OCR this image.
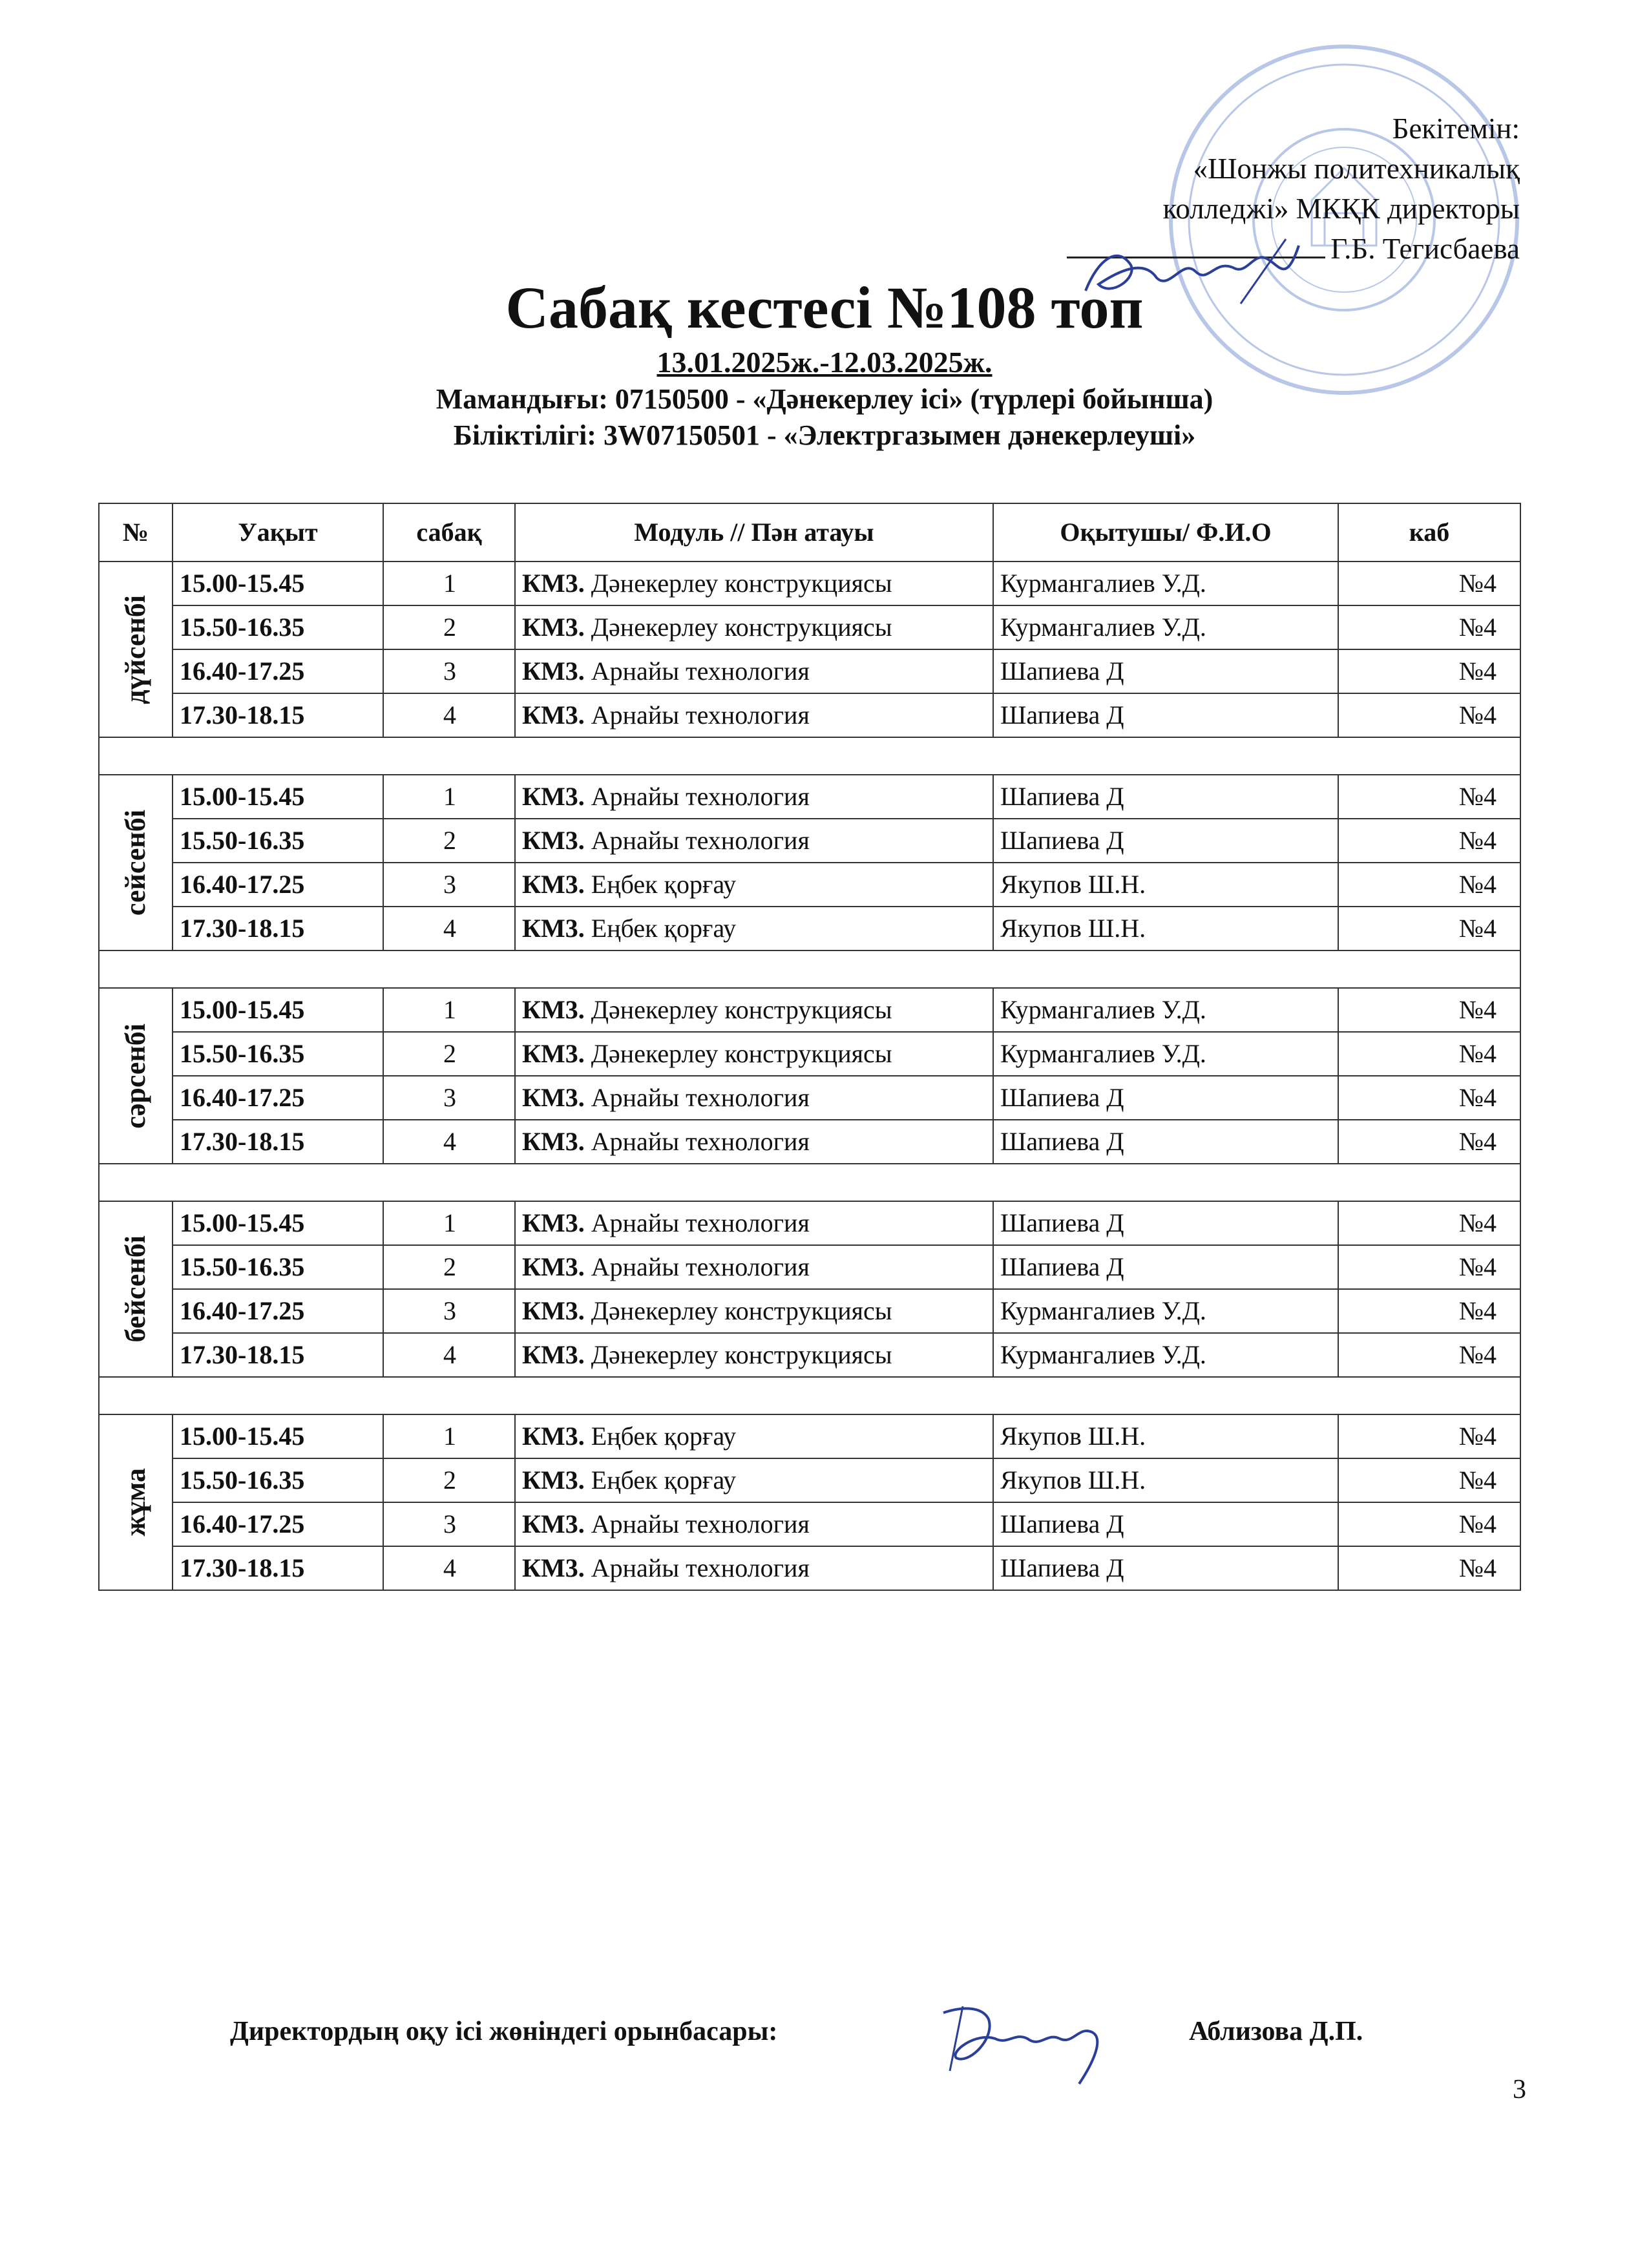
Бекітемін:
«Шонжы политехникалық
колледжі» МКҚК директоры
Г.Б. Тегисбаева
Сабақ кестесі №108 топ
13.01.2025ж.-12.03.2025ж.
Мамандығы: 07150500 - «Дәнекерлеу ісі» (түрлері бойынша)
Біліктілігі: 3W07150501 - «Электргазымен дәнекерлеуші»
№	Уақыт	сабақ	Модуль // Пән атауы	Оқытушы/ Ф.И.О	каб

дүйсенбі	15.00-15.45	1	КМ3. Дәнекерлеу конструкциясы	Курмангалиев У.Д.	№4
	15.50-16.35	2	КМ3. Дәнекерлеу конструкциясы	Курмангалиев У.Д.	№4
	16.40-17.25	3	КМ3. Арнайы технология	Шапиева Д	№4
	17.30-18.15	4	КМ3. Арнайы технология	Шапиева Д	№4

сейсенбі	15.00-15.45	1	КМ3. Арнайы технология	Шапиева Д	№4
	15.50-16.35	2	КМ3. Арнайы технология	Шапиева Д	№4
	16.40-17.25	3	КМ3. Еңбек қорғау	Якупов Ш.Н.	№4
	17.30-18.15	4	КМ3. Еңбек қорғау	Якупов Ш.Н.	№4

сәрсенбі	15.00-15.45	1	КМ3. Дәнекерлеу конструкциясы	Курмангалиев У.Д.	№4
	15.50-16.35	2	КМ3. Дәнекерлеу конструкциясы	Курмангалиев У.Д.	№4
	16.40-17.25	3	КМ3. Арнайы технология	Шапиева Д	№4
	17.30-18.15	4	КМ3. Арнайы технология	Шапиева Д	№4

бейсенбі	15.00-15.45	1	КМ3. Арнайы технология	Шапиева Д	№4
	15.50-16.35	2	КМ3. Арнайы технология	Шапиева Д	№4
	16.40-17.25	3	КМ3. Дәнекерлеу конструкциясы	Курмангалиев У.Д.	№4
	17.30-18.15	4	КМ3. Дәнекерлеу конструкциясы	Курмангалиев У.Д.	№4

жұма	15.00-15.45	1	КМ3. Еңбек қорғау	Якупов Ш.Н.	№4
	15.50-16.35	2	КМ3. Еңбек қорғау	Якупов Ш.Н.	№4
	16.40-17.25	3	КМ3. Арнайы технология	Шапиева Д	№4
	17.30-18.15	4	КМ3. Арнайы технология	Шапиева Д	№4
Директордың оқу ісі жөніндегі орынбасары:	Аблизова Д.П.
3
